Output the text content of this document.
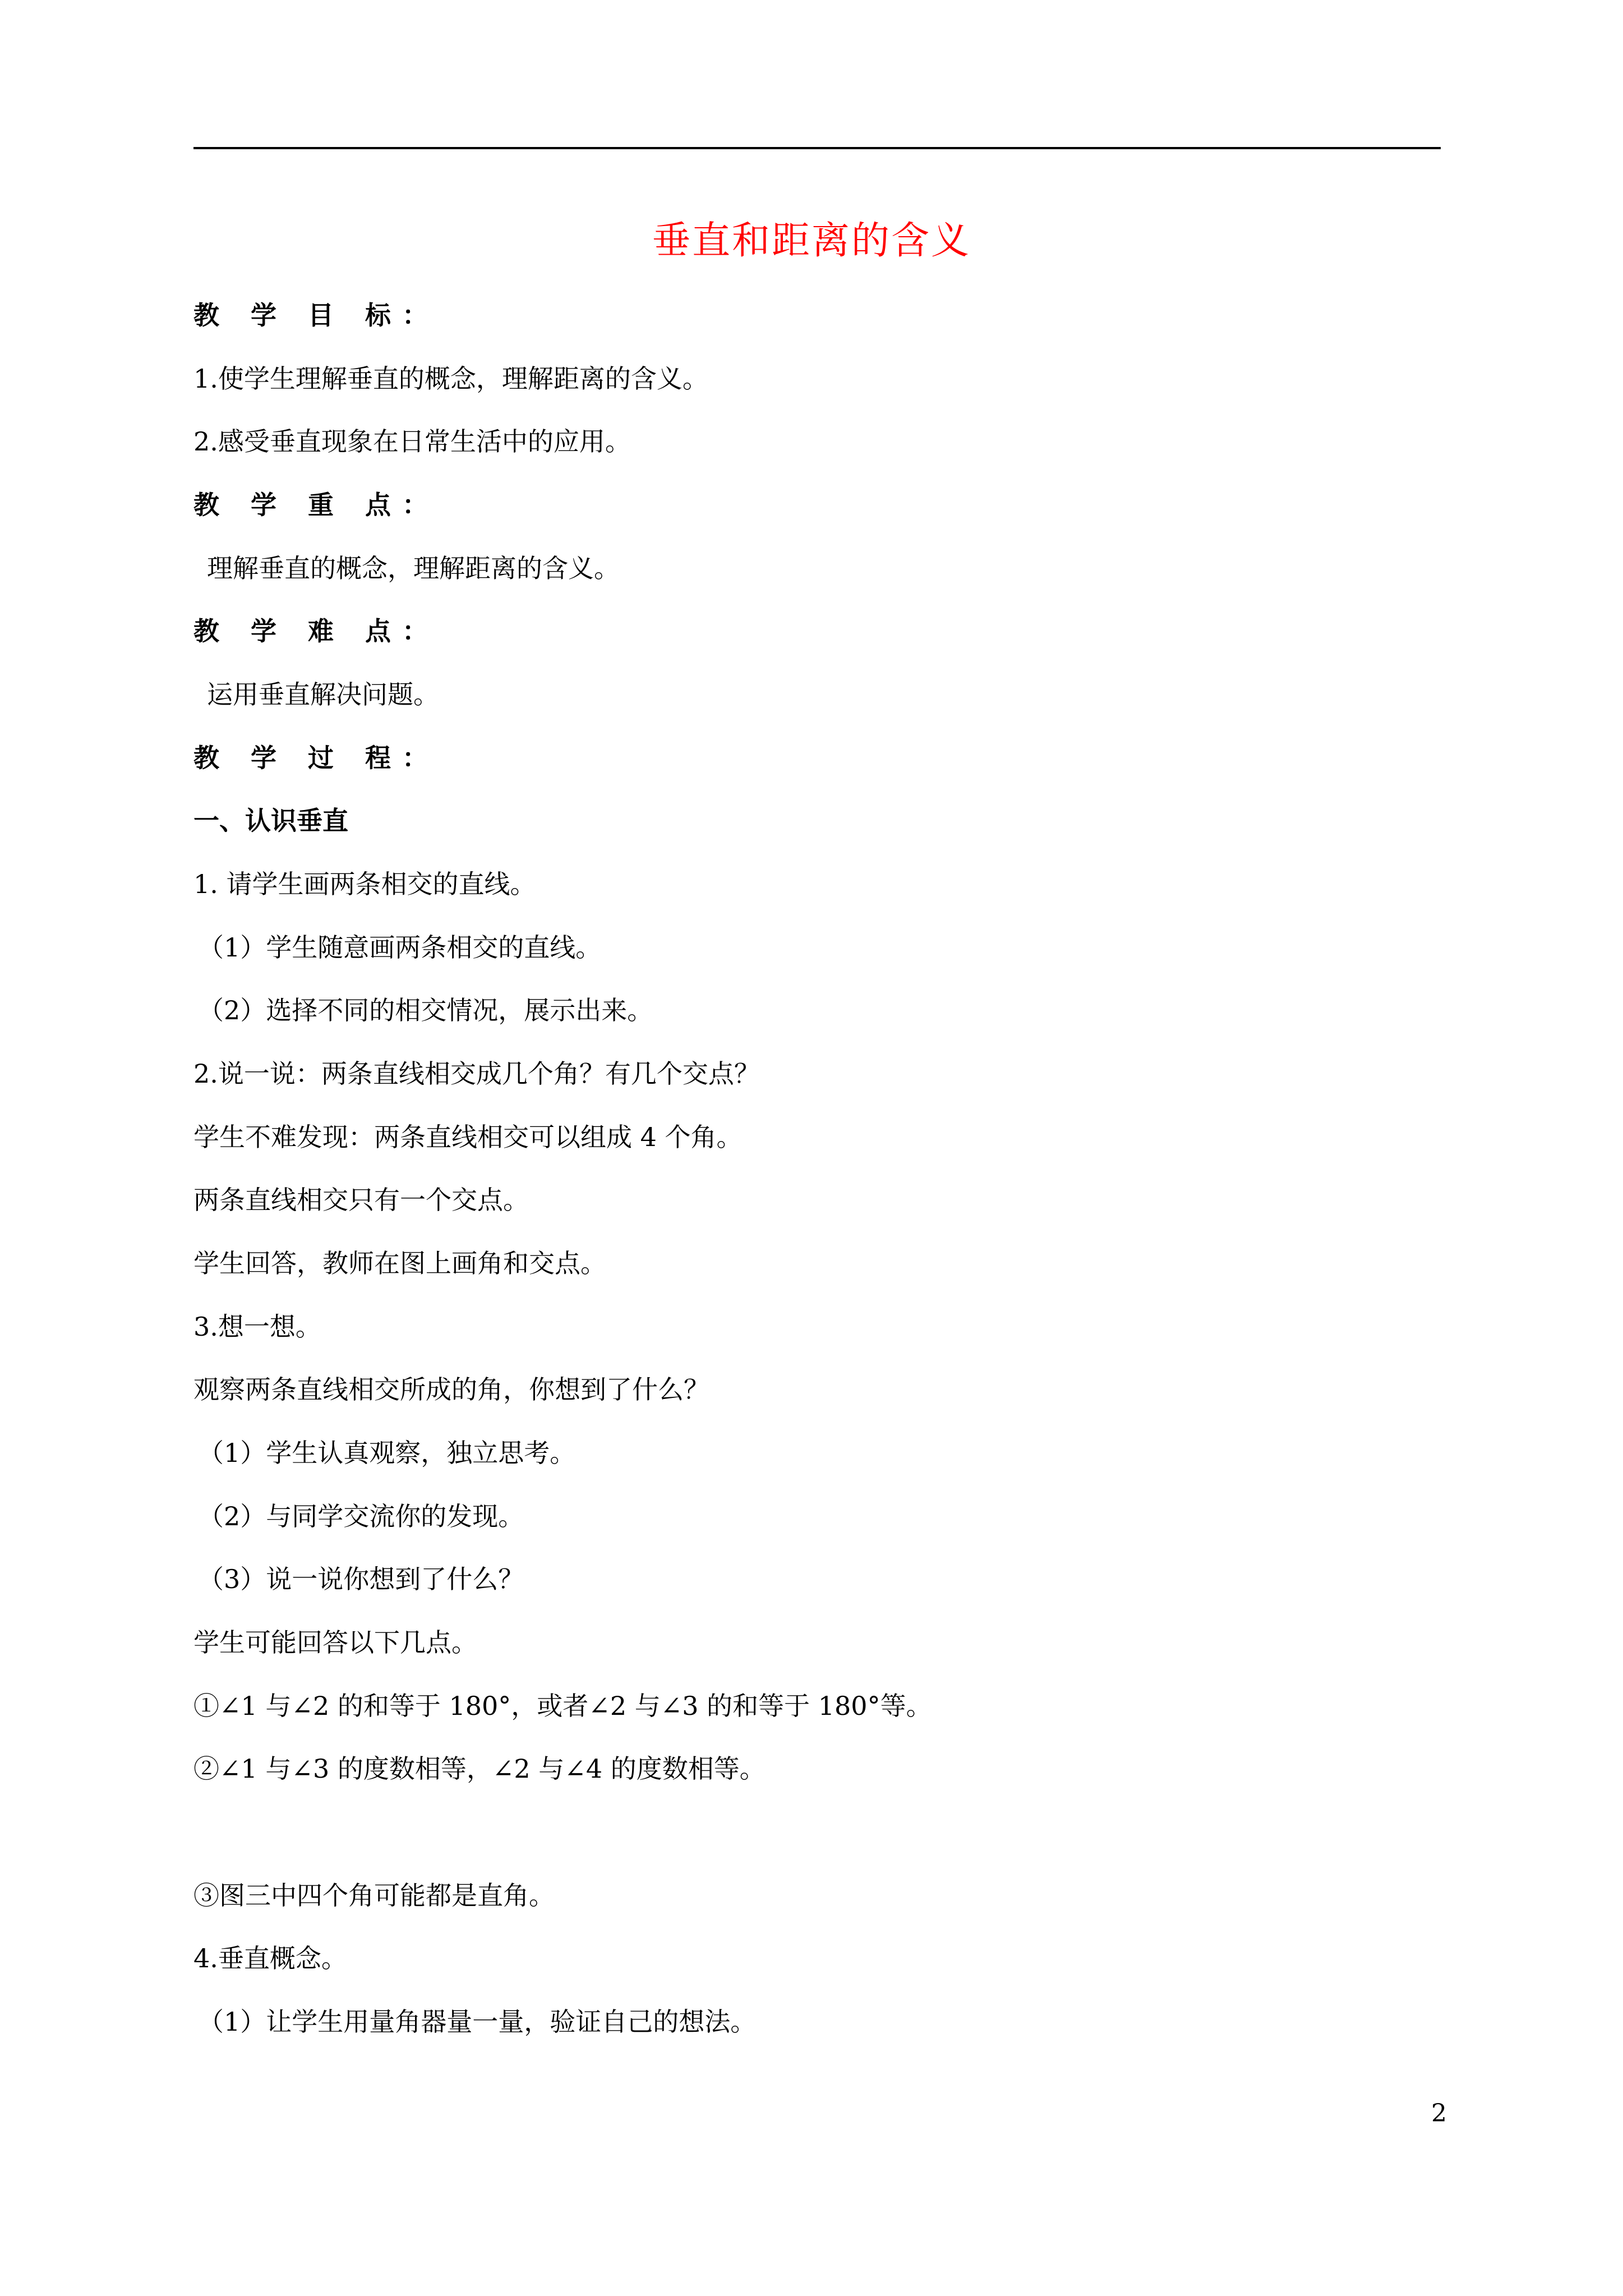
垂直和距离的含义
教 学 目 标：
1.使学生理解垂直的概念，理解距离的含义。
2.感受垂直现象在日常生活中的应用。
教 学 重 点：
理解垂直的概念，理解距离的含义。
教 学 难 点：
运用垂直解决问题。
教 学 过 程：
一、认识垂直
1. 请学生画两条相交的直线。
（1）学生随意画两条相交的直线。
（2）选择不同的相交情况，展示出来。
2.说一说：两条直线相交成几个角？有几个交点？
学生不难发现：两条直线相交可以组成 4 个角。
两条直线相交只有一个交点。
学生回答，教师在图上画角和交点。
3.想一想。
观察两条直线相交所成的角，你想到了什么？
（1）学生认真观察，独立思考。
（2）与同学交流你的发现。
（3）说一说你想到了什么？
学生可能回答以下几点。
①∠1 与∠2 的和等于 180°，或者∠2 与∠3 的和等于 180°等。
②∠1 与∠3 的度数相等，∠2 与∠4 的度数相等。
③图三中四个角可能都是直角。
4.垂直概念。
（1）让学生用量角器量一量，验证自己的想法。
2
